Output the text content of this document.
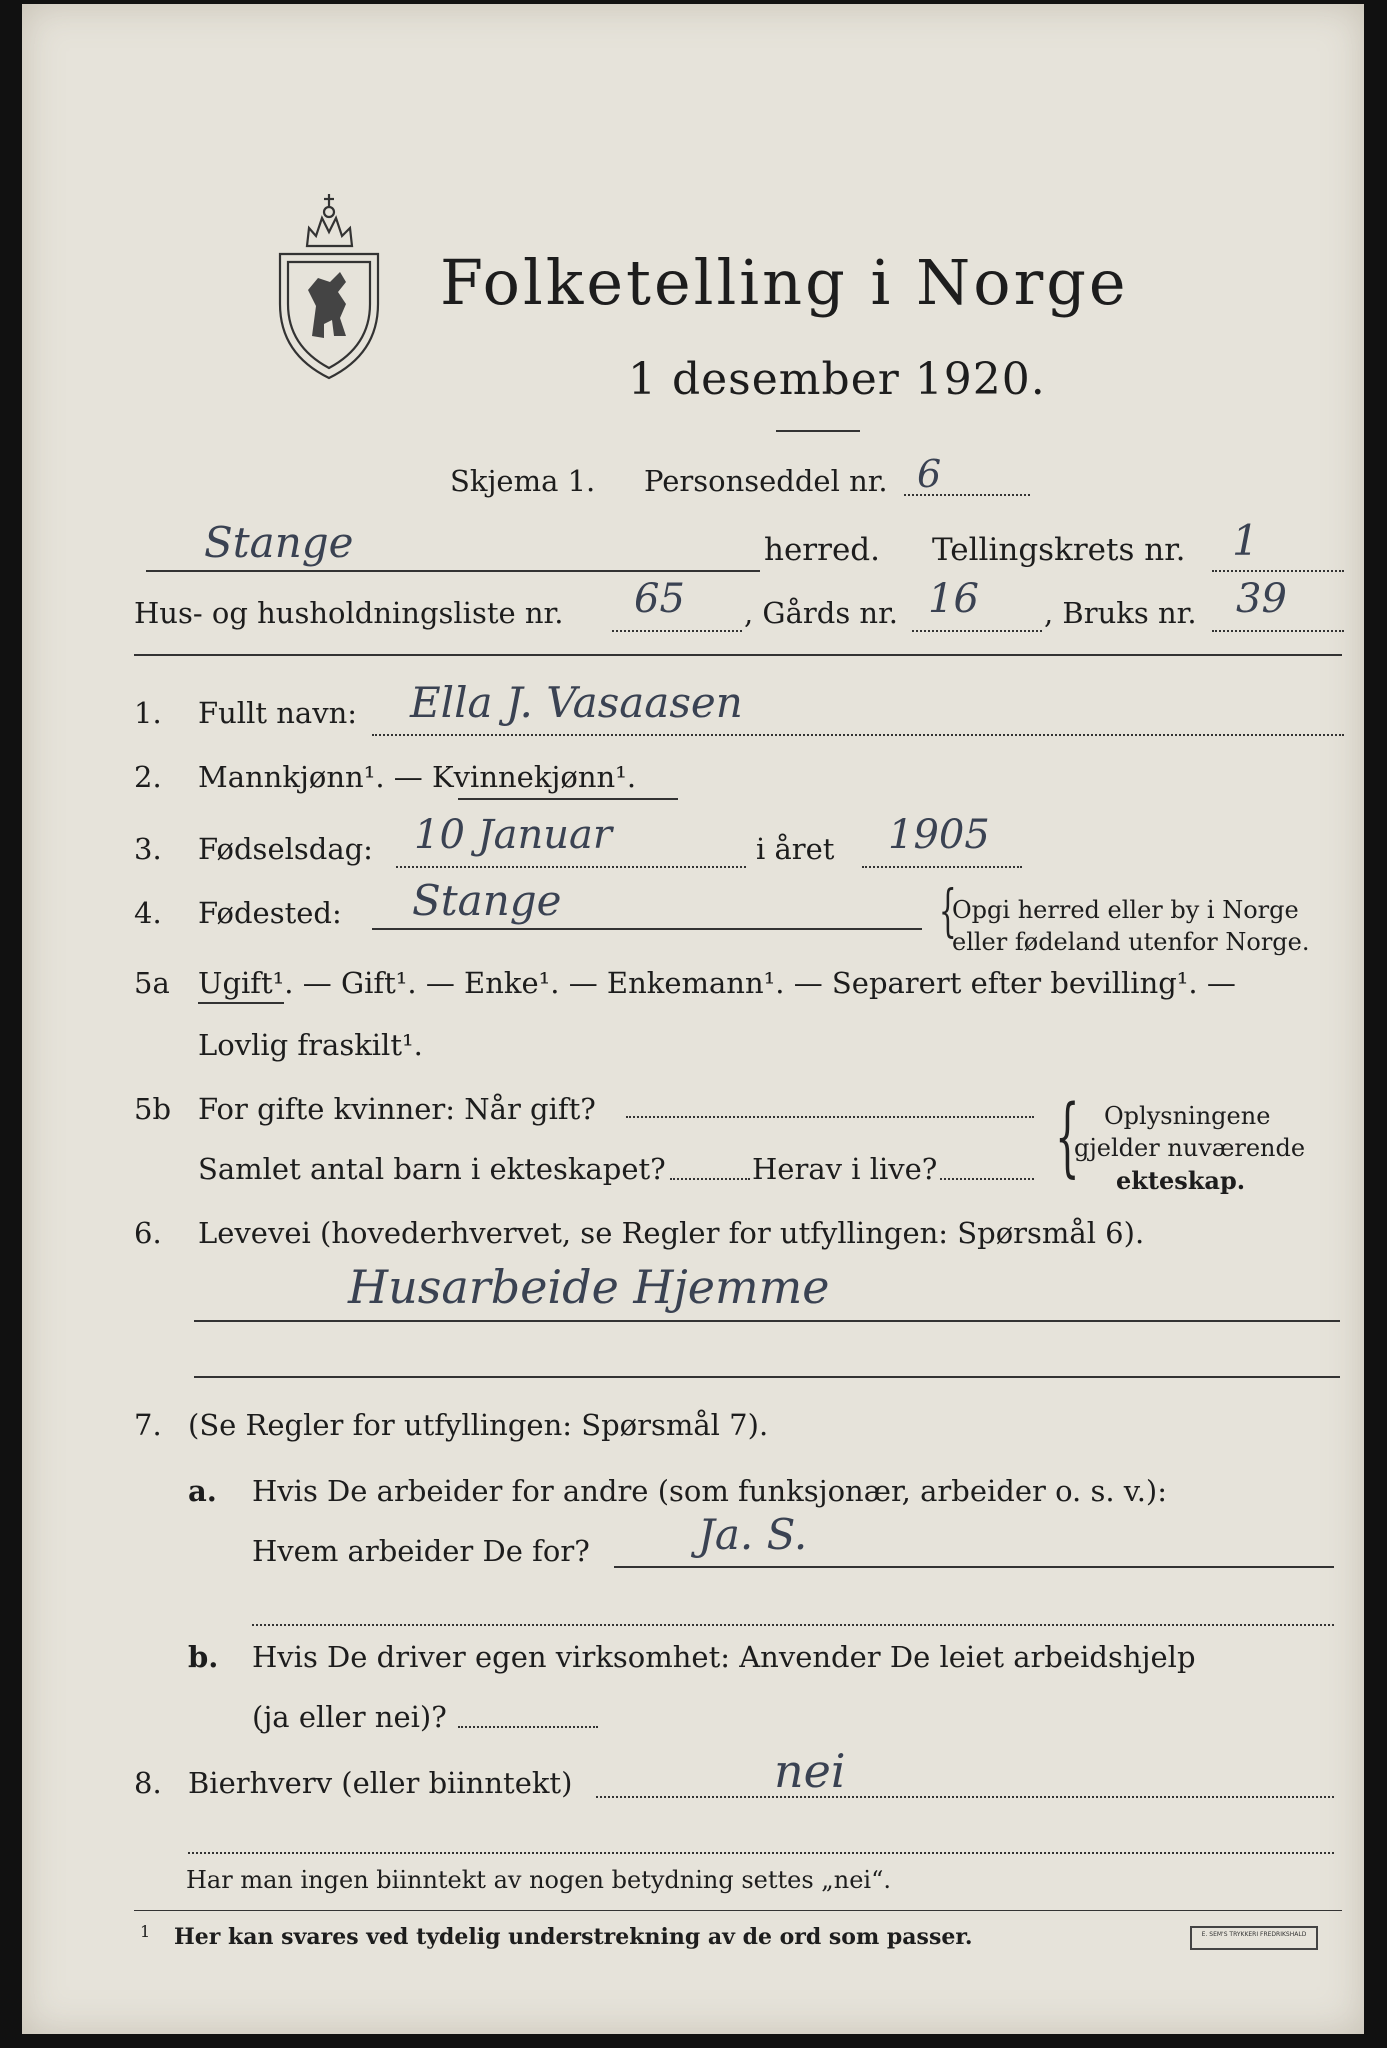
Folketelling i Norge
1 desember 1920.
Skjema 1. Personseddel nr. 6
Stange	herred. Tellingskrets nr. 1
Hus- og husholdningsliste nr. 65 , Gårds nr. 16 , Bruks nr. 39
1. Fullt navn: Ella J. Vasaasen
2. Mannkjønn¹. — Kvinnekjønn¹.
3. Fødselsdag: 10 Januar	i året 1905
4. Fødested: Stange	{
Opgi herred eller by i Norge
eller fødeland utenfor Norge.
5a Ugift¹. — Gift¹. — Enke¹. — Enkemann¹. — Separert efter bevilling¹. —
Lovlig fraskilt¹.
5b For gifte kvinner: Når gift?
Samlet antal barn i ekteskapet?	Herav i live? { Oplysningene
gjelder nuværende
ekteskap.
6. Levevei (hovederhvervet, se Regler for utfyllingen: Spørsmål 6).
Husarbeide Hjemme
7. (Se Regler for utfyllingen: Spørsmål 7).
a. Hvis De arbeider for andre (som funksjonær, arbeider o. s. v.):
Hvem arbeider De for?	Ja. S.
b. Hvis De driver egen virksomhet: Anvender De leiet arbeidshjelp
(ja eller nei)?
8. Bierhverv (eller biinntekt)	nei
Har man ingen biinntekt av nogen betydning settes „nei“.
1 Her kan svares ved tydelig understrekning av de ord som passer.	E. SEM'S TRYKKERI FREDRIKSHALD
